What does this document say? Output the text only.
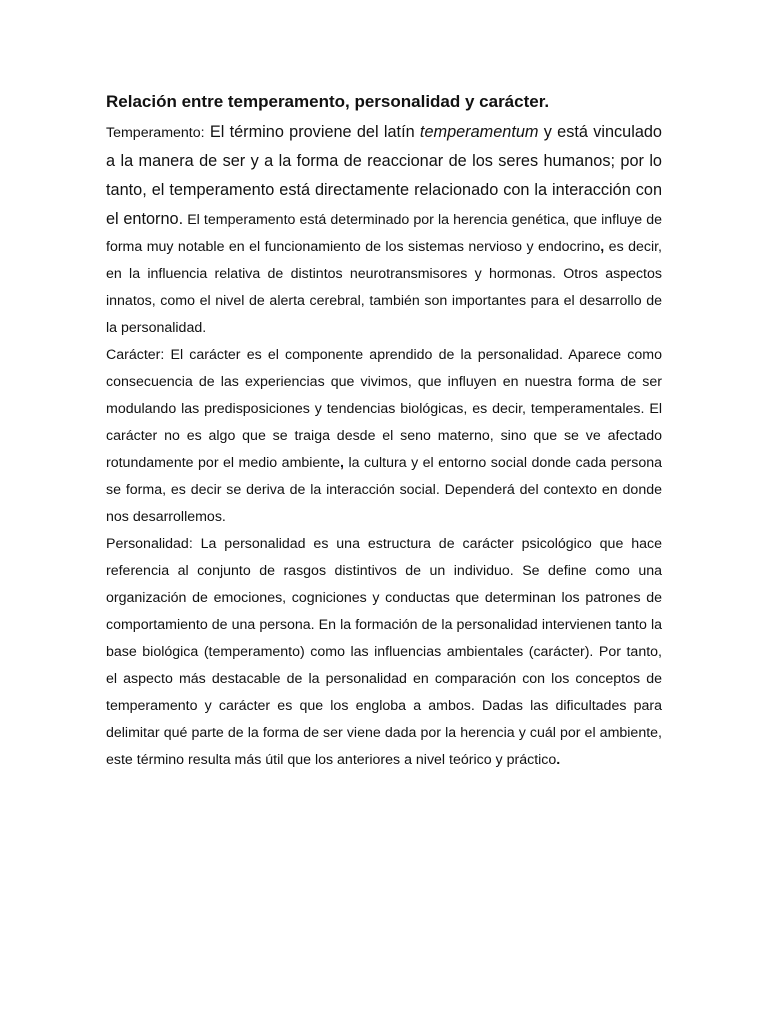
Relación entre temperamento, personalidad y carácter.

Temperamento: El término proviene del latín temperamentum y está vinculado a la manera de ser y a la forma de reaccionar de los seres humanos; por lo tanto, el temperamento está directamente relacionado con la interacción con el entorno. El temperamento está determinado por la herencia genética, que influye de forma muy notable en el funcionamiento de los sistemas nervioso y endocrino, es decir, en la influencia relativa de distintos neurotransmisores y hormonas. Otros aspectos innatos, como el nivel de alerta cerebral, también son importantes para el desarrollo de la personalidad.

Carácter: El carácter es el componente aprendido de la personalidad. Aparece como consecuencia de las experiencias que vivimos, que influyen en nuestra forma de ser modulando las predisposiciones y tendencias biológicas, es decir, temperamentales. El carácter no es algo que se traiga desde el seno materno, sino que se ve afectado rotundamente por el medio ambiente, la cultura y el entorno social donde cada persona se forma, es decir se deriva de la interacción social. Dependerá del contexto en donde nos desarrollemos.

Personalidad: La personalidad es una estructura de carácter psicológico que hace referencia al conjunto de rasgos distintivos de un individuo. Se define como una organización de emociones, cogniciones y conductas que determinan los patrones de comportamiento de una persona. En la formación de la personalidad intervienen tanto la base biológica (temperamento) como las influencias ambientales (carácter). Por tanto, el aspecto más destacable de la personalidad en comparación con los conceptos de temperamento y carácter es que los engloba a ambos. Dadas las dificultades para delimitar qué parte de la forma de ser viene dada por la herencia y cuál por el ambiente, este término resulta más útil que los anteriores a nivel teórico y práctico.
